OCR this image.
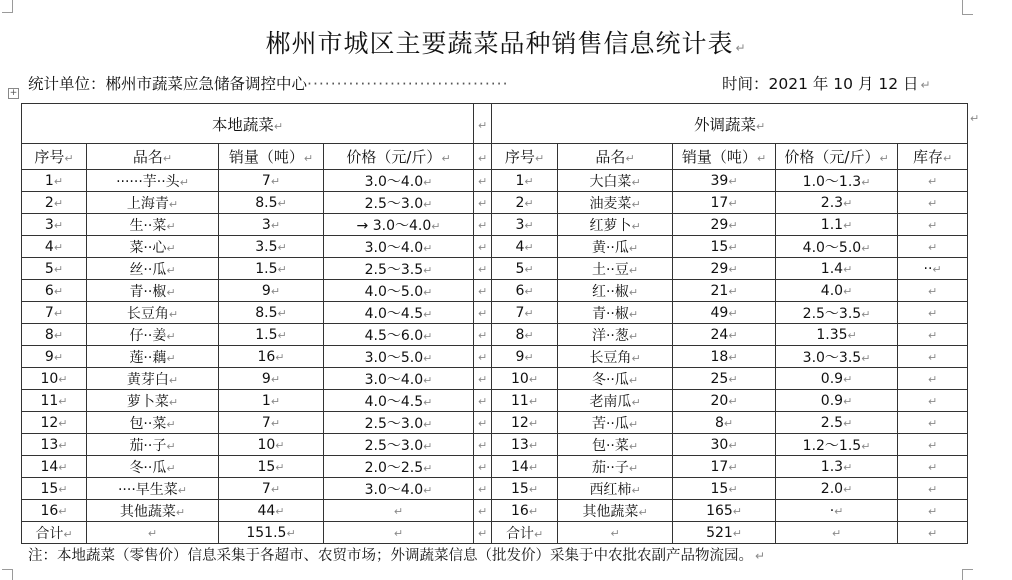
郴州市城区主要蔬菜品种销售信息统计表 ↵
统计单位：郴州市蔬菜应急储备调控中心··································	时间：2021 年 10 月 12 日 ↵
+
本地蔬菜↵				↵	外调蔬菜↵				
序号↵	品名↵	销量（吨）↵	价格（元/斤）↵	↵	序号↵	品名↵	销量（吨）↵	价格（元/斤）↵	库存↵
1↵	······芋··头↵	7↵	3.0～4.0↵	↵	1↵	大白菜↵	39↵	1.0～1.3↵	↵
2↵	上海青↵	8.5↵	2.5～3.0↵	↵	2↵	油麦菜↵	17↵	2.3↵	↵
3↵	生··菜↵	3↵	→ 3.0～4.0↵	↵	3↵	红萝卜↵	29↵	1.1↵	↵
4↵	菜··心↵	3.5↵	3.0～4.0↵	↵	4↵	黄··瓜↵	15↵	4.0～5.0↵	↵
5↵	丝··瓜↵	1.5↵	2.5～3.5↵	↵	5↵	土··豆↵	29↵	1.4↵	··↵
6↵	青··椒↵	9↵	4.0～5.0↵	↵	6↵	红··椒↵	21↵	4.0↵	↵
7↵	长豆角↵	8.5↵	4.0～4.5↵	↵	7↵	青··椒↵	49↵	2.5～3.5↵	↵
8↵	仔··姜↵	1.5↵	4.5～6.0↵	↵	8↵	洋··葱↵	24↵	1.35↵	↵
9↵	莲··藕↵	16↵	3.0～5.0↵	↵	9↵	长豆角↵	18↵	3.0～3.5↵	↵
10↵	黄芽白↵	9↵	3.0～4.0↵	↵	10↵	冬··瓜↵	25↵	0.9↵	↵
11↵	萝卜菜↵	1↵	4.0～4.5↵	↵	11↵	老南瓜↵	20↵	0.9↵	↵
12↵	包··菜↵	7↵	2.5～3.0↵	↵	12↵	苦··瓜↵	8↵	2.5↵	↵
13↵	茄··子↵	10↵	2.5～3.0↵	↵	13↵	包··菜↵	30↵	1.2～1.5↵	↵
14↵	冬··瓜↵	15↵	2.0～2.5↵	↵	14↵	茄··子↵	17↵	1.3↵	↵
15↵	····早生菜↵	7↵	3.0～4.0↵	↵	15↵	西红柿↵	15↵	2.0↵	↵
16↵	其他蔬菜↵	44↵	↵	↵	16↵	其他蔬菜↵	165↵	·↵	↵
合计↵	↵	151.5↵	↵	↵	合计↵	↵	521↵	↵	↵
↵
注：本地蔬菜（零售价）信息采集于各超市、农贸市场；外调蔬菜信息（批发价）采集于中农批农副产品物流园。 ↵
